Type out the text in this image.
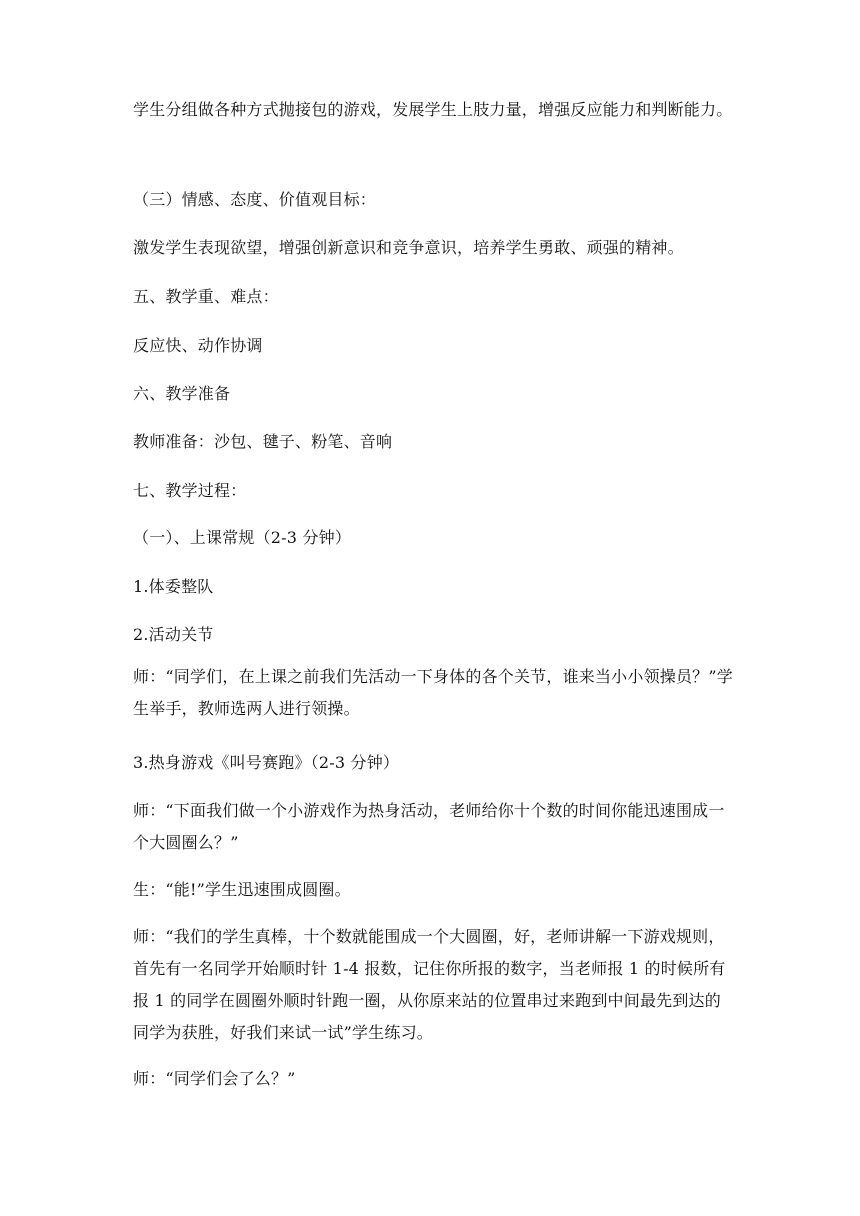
学生分组做各种方式抛接包的游戏，发展学生上肢力量，增强反应能力和判断能力。
（三）情感、态度、价值观目标：
激发学生表现欲望，增强创新意识和竞争意识，培养学生勇敢、顽强的精神。
五、教学重、难点：
反应快、动作协调
六、教学准备
教师准备：沙包、毽子、粉笔、音响
七、教学过程：
（一）、上课常规（2-3 分钟）
1.体委整队
2.活动关节
师：“同学们，在上课之前我们先活动一下身体的各个关节，谁来当小小领操员？”学生举手，教师选两人进行领操。
3.热身游戏《叫号赛跑》（2-3 分钟）
师：“下面我们做一个小游戏作为热身活动，老师给你十个数的时间你能迅速围成一个大圆圈么？”
生：“能!”学生迅速围成圆圈。
师：“我们的学生真棒，十个数就能围成一个大圆圈，好，老师讲解一下游戏规则，首先有一名同学开始顺时针 1-4 报数，记住你所报的数字，当老师报 1 的时候所有报 1 的同学在圆圈外顺时针跑一圈，从你原来站的位置串过来跑到中间最先到达的同学为获胜，好我们来试一试”学生练习。
师：“同学们会了么？”
